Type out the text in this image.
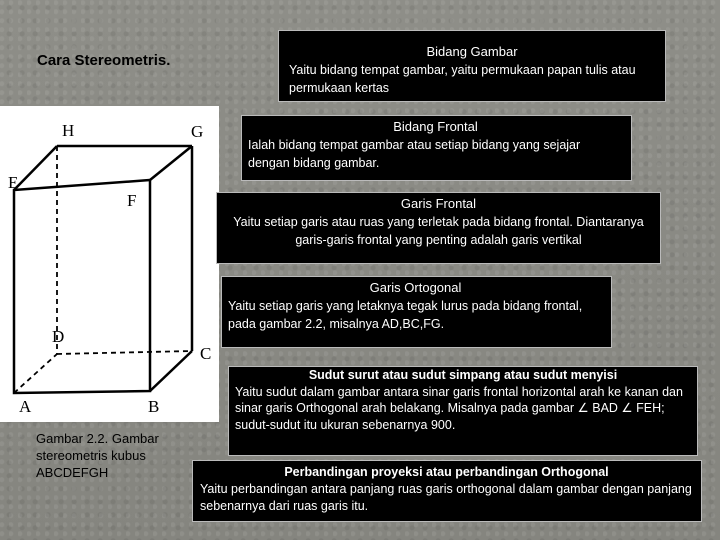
Cara Stereometris.
H	G
E
F
D
C
A	B
Gambar 2.2. Gambar stereometris kubus ABCDEFGH
Bidang Gambar
Yaitu bidang tempat gambar, yaitu permukaan papan tulis atau permukaan kertas
Bidang Frontal
Ialah bidang tempat gambar atau setiap bidang yang sejajar dengan bidang gambar.
Garis Frontal
Yaitu setiap garis atau ruas yang terletak pada bidang frontal. Diantaranya garis-garis frontal yang penting adalah garis vertikal
Garis Ortogonal
Yaitu setiap garis yang letaknya tegak lurus pada bidang frontal, pada gambar 2.2, misalnya AD,BC,FG.
Sudut surut atau sudut simpang atau sudut menyisi
Yaitu sudut dalam gambar antara sinar garis frontal horizontal arah ke kanan dan sinar garis Orthogonal arah belakang. Misalnya pada gambar ∠ BAD ∠ FEH; sudut-sudut itu ukuran sebenarnya 900.
Perbandingan proyeksi atau perbandingan Orthogonal
Yaitu perbandingan antara panjang ruas garis orthogonal dalam gambar dengan panjang sebenarnya dari ruas garis itu.
